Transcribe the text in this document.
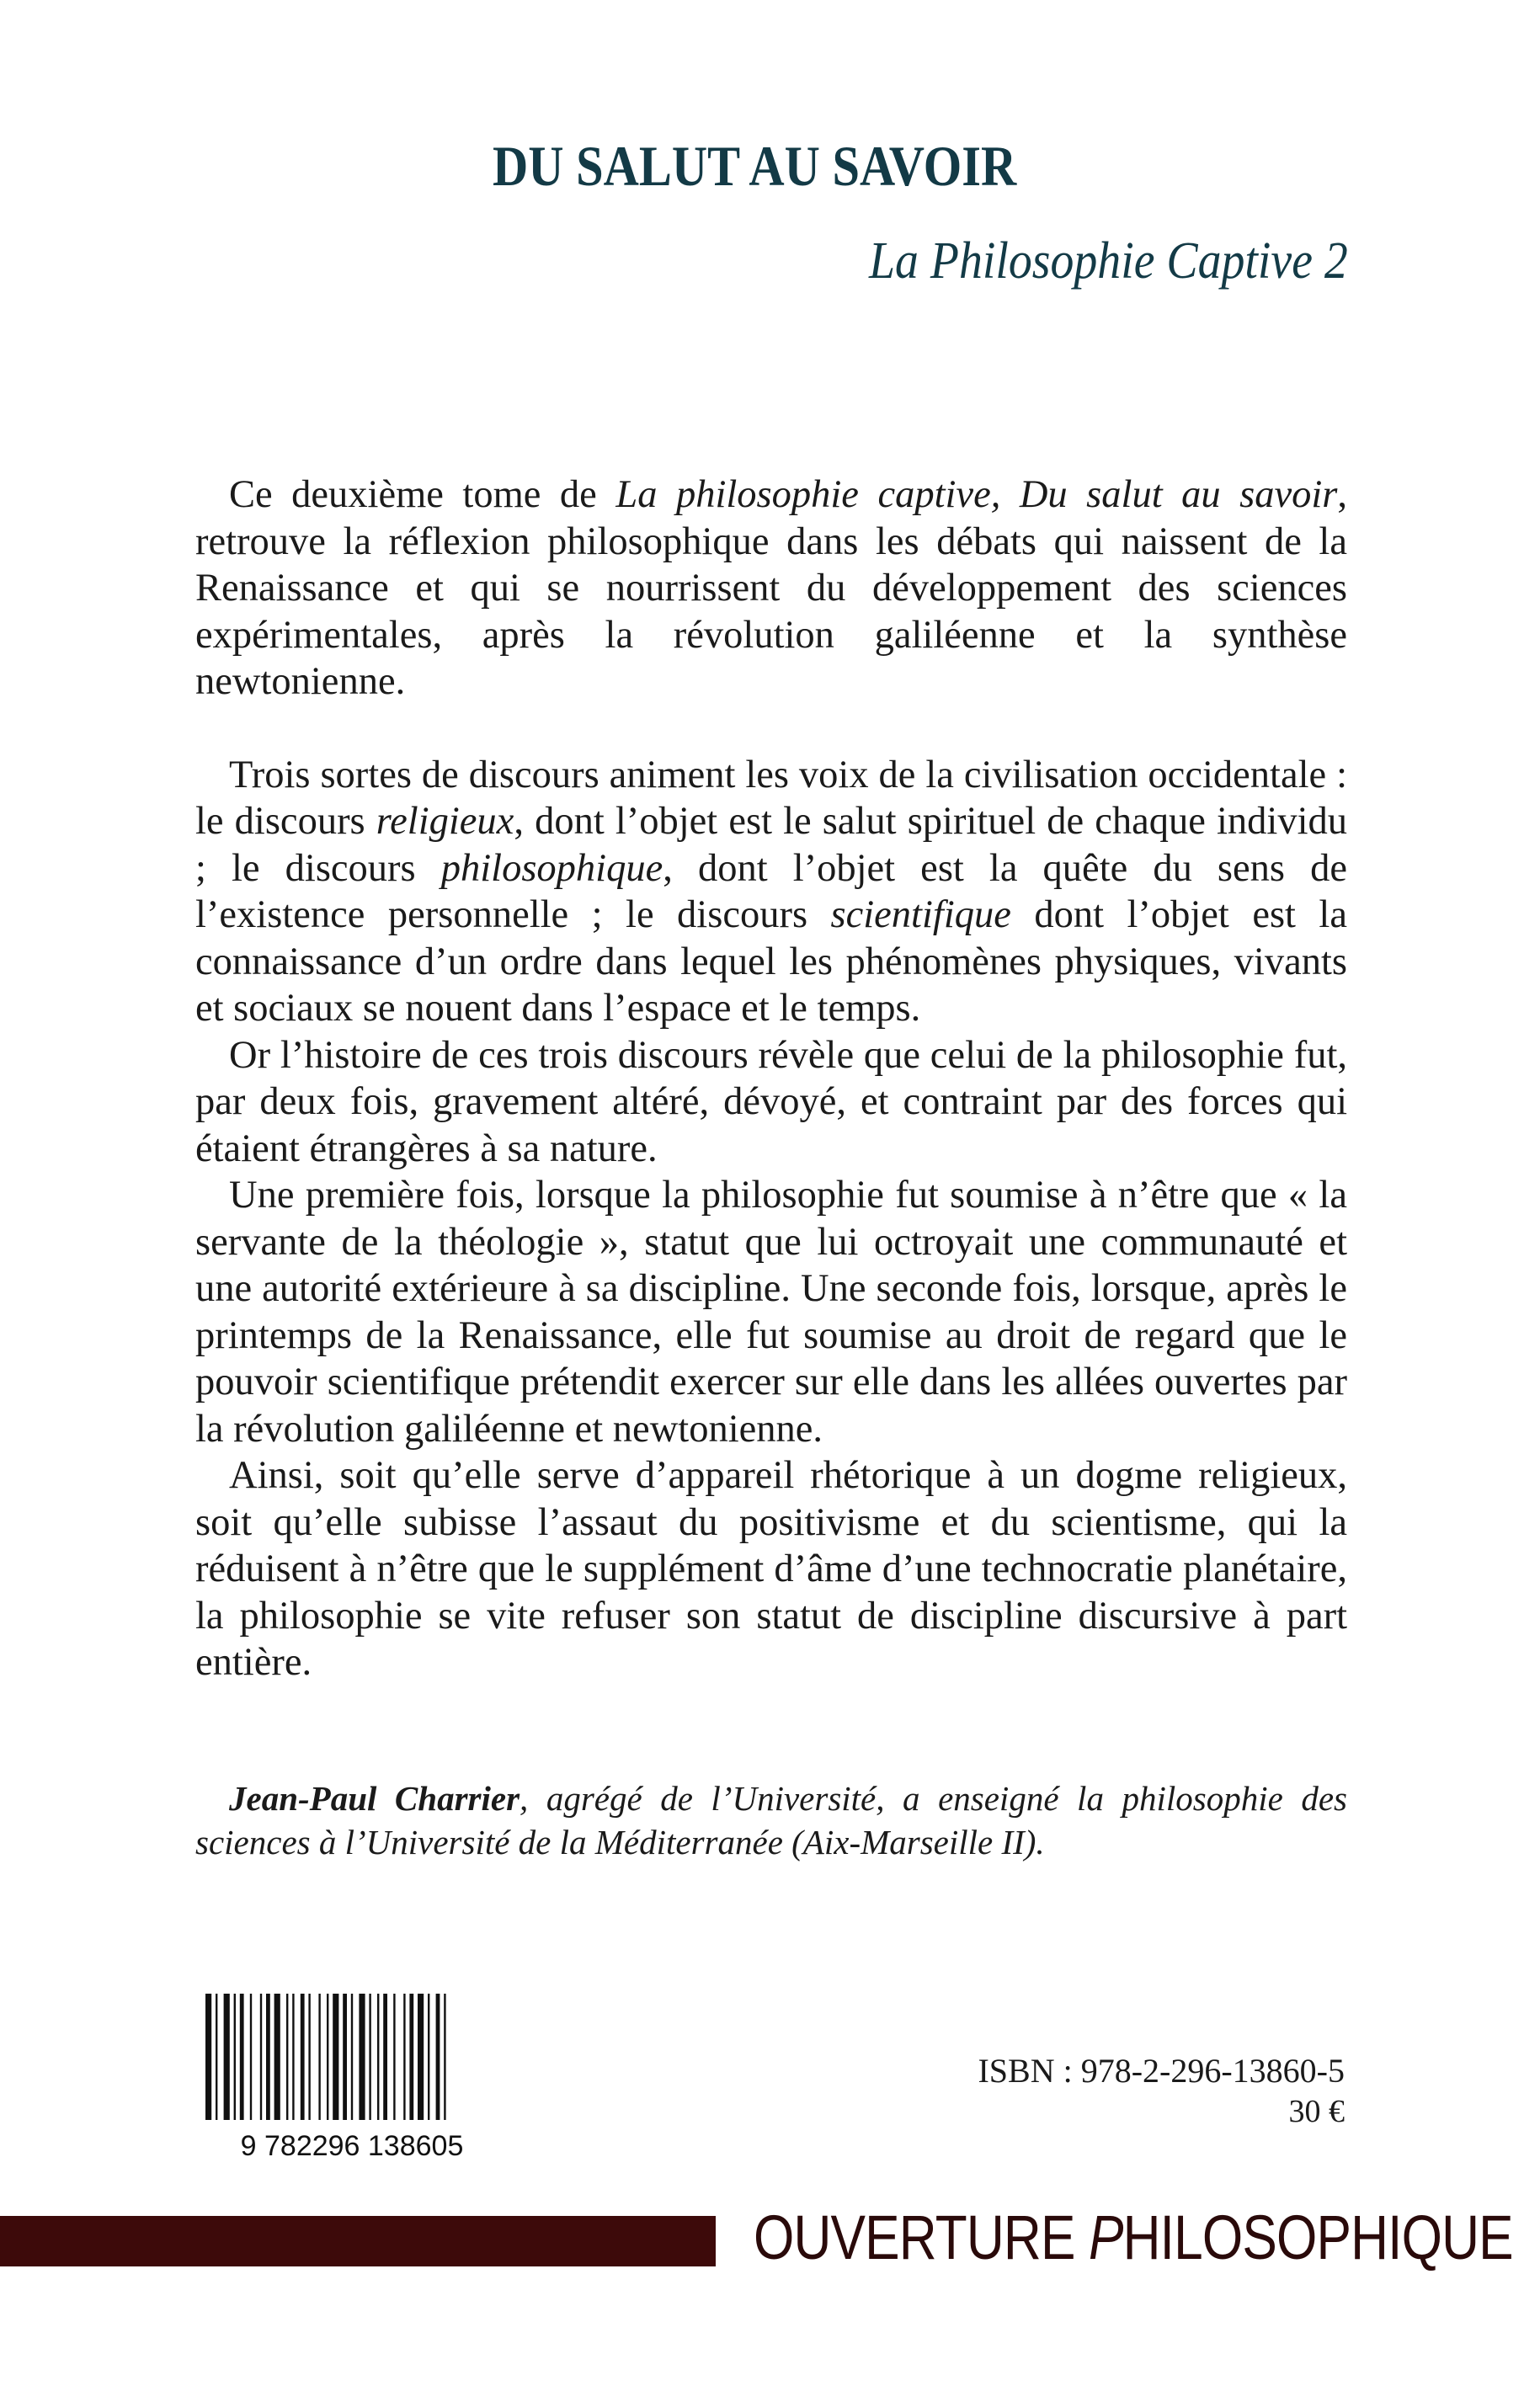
DU SALUT AU SAVOIR
La Philosophie Captive 2

Ce deuxième tome de La philosophie captive, Du salut au savoir, retrouve la réflexion philosophique dans les débats qui naissent de la Renaissance et qui se nourrissent du développement des sciences expérimentales, après la révolution galiléenne et la synthèse newtonienne.

Trois sortes de discours animent les voix de la civilisation occidentale : le discours religieux, dont l’objet est le salut spirituel de chaque individu ; le discours philosophique, dont l’objet est la quête du sens de l’existence personnelle ; le discours scientifique dont l’objet est la connaissance d’un ordre dans lequel les phénomènes physiques, vivants et sociaux se nouent dans l’espace et le temps.

Or l’histoire de ces trois discours révèle que celui de la philosophie fut, par deux fois, gravement altéré, dévoyé, et contraint par des forces qui étaient étrangères à sa nature.

Une première fois, lorsque la philosophie fut soumise à n’être que « la servante de la théologie », statut que lui octroyait une communauté et une autorité extérieure à sa discipline. Une seconde fois, lorsque, après le printemps de la Renaissance, elle fut soumise au droit de regard que le pouvoir scientifique prétendit exercer sur elle dans les allées ouvertes par la révolution galiléenne et newtonienne.

Ainsi, soit qu’elle serve d’appareil rhétorique à un dogme religieux, soit qu’elle subisse l’assaut du positivisme et du scientisme, qui la réduisent à n’être que le supplément d’âme d’une technocratie planétaire, la philosophie se vite refuser son statut de discipline discursive à part entière.

Jean-Paul Charrier, agrégé de l’Université, a enseigné la philosophie des sciences à l’Université de la Méditerranée (Aix-Marseille II).
9 782296 138605
ISBN : 978-2-296-13860-5
30 €
OUVERTURE PHILOSOPHIQUE
